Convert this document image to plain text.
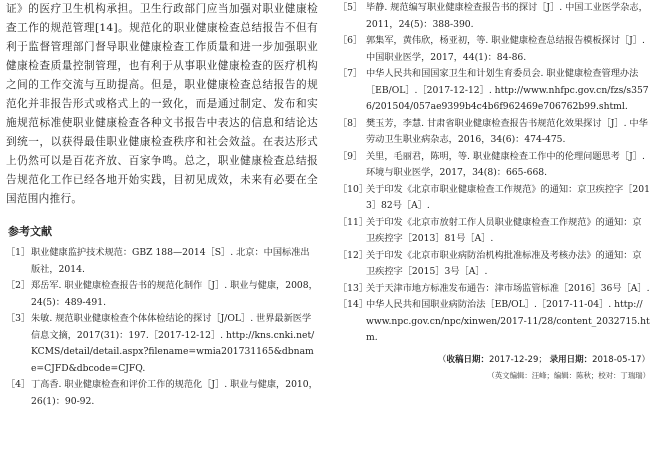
证》的医疗卫生机构承担。卫生行政部门应当加强对职业健康检查工作的规范管理[14]。规范化的职业健康检查总结报告不但有利于监督管理部门督导职业健康检查工作质量和进一步加强职业健康检查质量控制管理，也有利于从事职业健康检查的医疗机构之间的工作交流与互助提高。但是，职业健康检查总结报告的规范化并非报告形式或格式上的一致化，而是通过制定、发布和实施规范标准使职业健康检查各种文书报告中表达的信息和结论达到统一，以获得最佳职业健康检查秩序和社会效益。在表达形式上仍然可以是百花齐放、百家争鸣。总之，职业健康检查总结报告规范化工作已经各地开始实践，目初见成效，未来有必要在全国范围内推行。

参考文献
［1］ 职业健康监护技术规范：GBZ 188—2014［S］. 北京：中国标准出版社，2014.
［2］ 郑岳军. 职业健康检查报告书的规范化制作［J］. 职业与健康，2008，24(5)：489-491.
［3］ 朱敏. 规范职业健康检查个体体检结论的探讨［J/OL］. 世界最新医学信息文摘，2017(31)：197.［2017-12-12］. http://kns.cnki.net/KCMS/detail/detail.aspx?filename=wmia201731165&dbname=CJFD&dbcode=CJFQ.
［4］ 丁高香. 职业健康检查和评价工作的规范化［J］. 职业与健康，2010，26(1)：90-92.
［5］ 毕静. 规范编写职业健康检查报告书的探讨［J］. 中国工业医学杂志，2011，24(5)：388-390.
［6］ 郭集军，黄伟欣，杨亚初，等. 职业健康检查总结报告模板探讨［J］. 中国职业医学，2017，44(1)：84-86.
［7］ 中华人民共和国国家卫生和计划生育委员会. 职业健康检查管理办法［EB/OL］.［2017-12-12］. http://www.nhfpc.gov.cn/fzs/s3576/201504/057ae9399b4c4b6f962469e706762b99.shtml.
［8］ 樊玉芳，李慧. 甘肃省职业健康检查报告书规范化效果探讨［J］. 中华劳动卫生职业病杂志，2016，34(6)：474-475.
［9］ 关里，毛丽君，陈明，等. 职业健康检查工作中的伦理问题思考［J］. 环境与职业医学，2017，34(8)：665-668.
［10］
关于印发《北京市职业健康检查工作规范》的通知：京卫疾控字［2013］82号［A］.
［11］
关于印发《北京市放射工作人员职业健康检查工作规范》的通知：京卫疾控字［2013］81号［A］.
［12］
关于印发《北京市职业病防治机构批准标准及考核办法》的通知：京卫疾控字［2015］3号［A］.
［13］
关于天津市地方标准发布通告：津市场监管标准［2016］36号［A］.
［14］
中华人民共和国职业病防治法［EB/OL］.［2017-11-04］. http://www.npc.gov.cn/npc/xinwen/2017-11/28/content_2032715.htm.
（收稿日期：2017-12-29； 录用日期：2018-05-17）
（英文编辑：汪峰；编辑：陈秋；校对：丁瑞瑞）
